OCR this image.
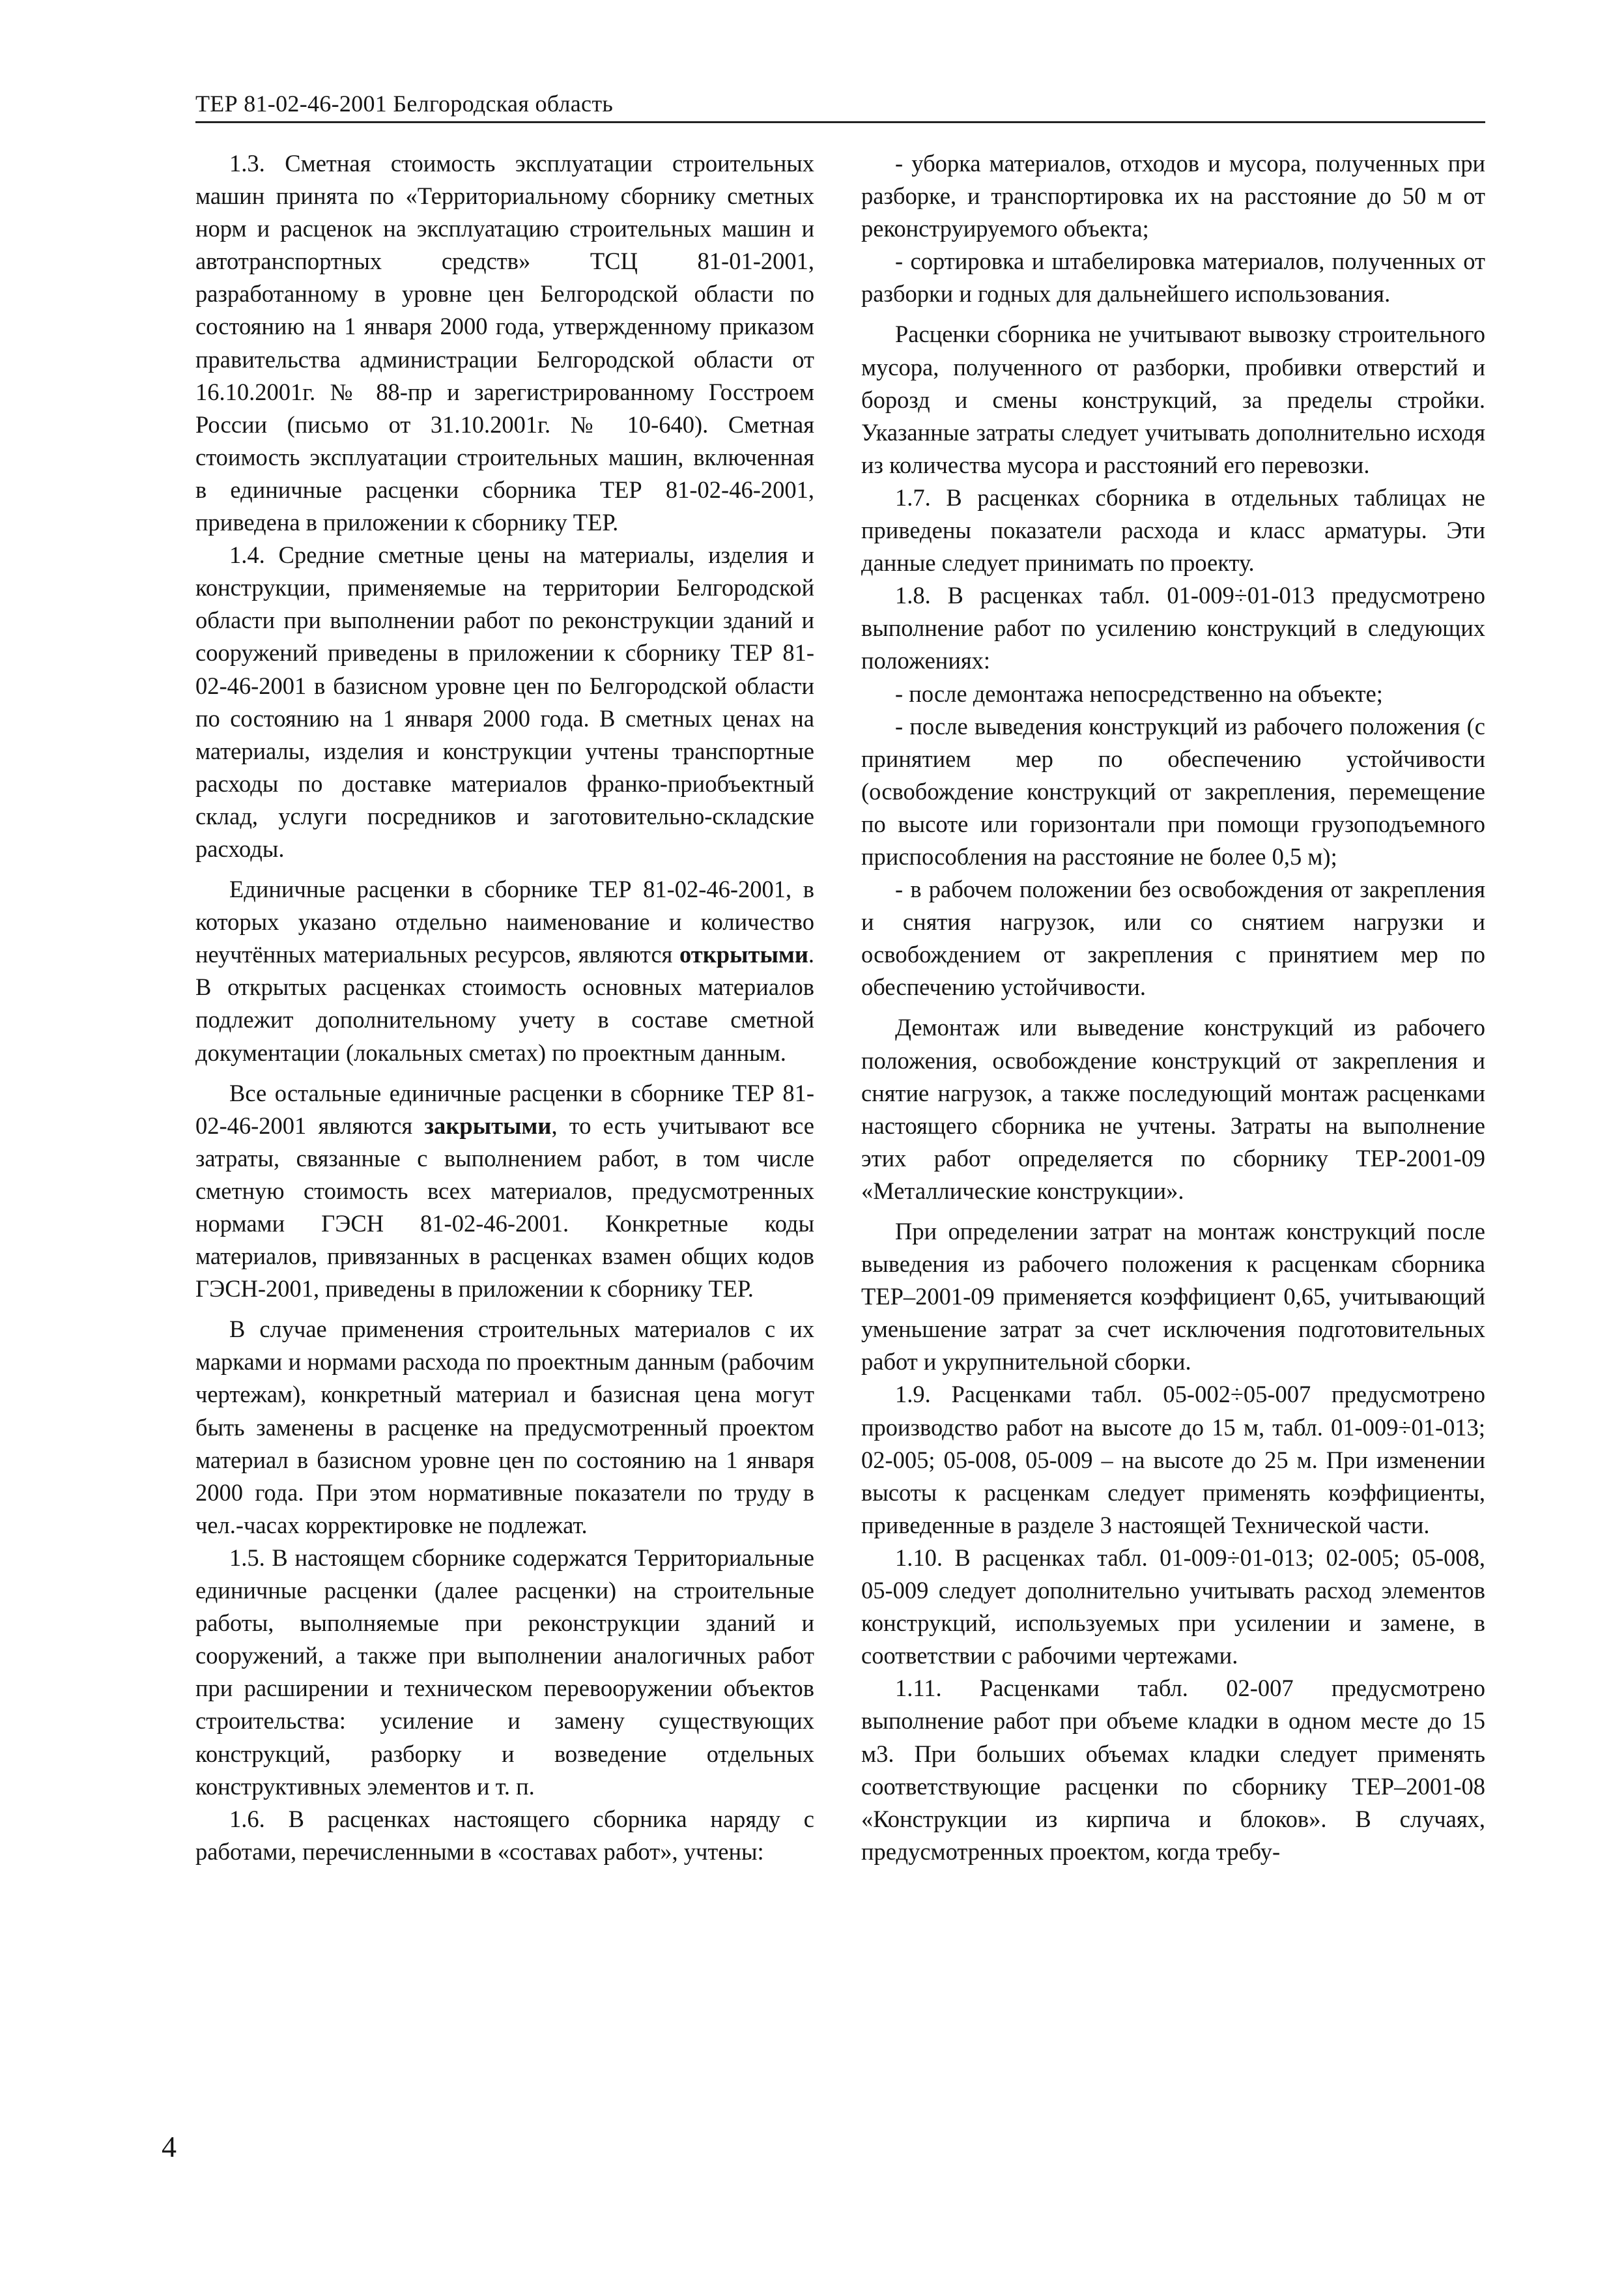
ТЕР 81-02-46-2001 Белгородская область

1.3. Сметная стоимость эксплуатации строительных машин принята по «Территориальному сборнику сметных норм и расценок на эксплуатацию строительных машин и автотранспортных средств» ТСЦ 81-01-2001, разработанному в уровне цен Белгородской области по состоянию на 1 января 2000 года, утвержденному приказом правительства администрации Белгородской области от 16.10.2001г. № 88-пр и зарегистрированному Госстроем России (письмо от 31.10.2001г. № 10-640). Сметная стоимость эксплуатации строительных машин, включенная в единичные расценки сборника ТЕР 81-02-46-2001, приведена в приложении к сборнику ТЕР.

1.4. Средние сметные цены на материалы, изделия и конструкции, применяемые на территории Белгородской области при выполнении работ по реконструкции зданий и сооружений приведены в приложении к сборнику ТЕР 81-02-46-2001 в базисном уровне цен по Белгородской области по состоянию на 1 января 2000 года. В сметных ценах на материалы, изделия и конструкции учтены транспортные расходы по доставке материалов франко-приобъектный склад, услуги посредников и заготовительно-складские расходы.

Единичные расценки в сборнике ТЕР 81-02-46-2001, в которых указано отдельно наименование и количество неучтённых материальных ресурсов, являются открытыми. В открытых расценках стоимость основных материалов подлежит дополнительному учету в составе сметной документации (локальных сметах) по проектным данным.

Все остальные единичные расценки в сборнике ТЕР 81-02-46-2001 являются закрытыми, то есть учитывают все затраты, связанные с выполнением работ, в том числе сметную стоимость всех материалов, предусмотренных нормами ГЭСН 81-02-46-2001. Конкретные коды материалов, привязанных в расценках взамен общих кодов ГЭСН-2001, приведены в приложении к сборнику ТЕР.

В случае применения строительных материалов с их марками и нормами расхода по проектным данным (рабочим чертежам), конкретный материал и базисная цена могут быть заменены в расценке на предусмотренный проектом материал в базисном уровне цен по состоянию на 1 января 2000 года. При этом нормативные показатели по труду в чел.-часах корректировке не подлежат.

1.5. В настоящем сборнике содержатся Территориальные единичные расценки (далее расценки) на строительные работы, выполняемые при реконструкции зданий и сооружений, а также при выполнении аналогичных работ при расширении и техническом перевооружении объектов строительства: усиление и замену существующих конструкций, разборку и возведение отдельных конструктивных элементов и т. п.

1.6. В расценках настоящего сборника наряду с работами, перечисленными в «составах работ», учтены:

- уборка материалов, отходов и мусора, полученных при разборке, и транспортировка их на расстояние до 50 м от реконструируемого объекта;

- сортировка и штабелировка материалов, полученных от разборки и годных для дальнейшего использования.

Расценки сборника не учитывают вывозку строительного мусора, полученного от разборки, пробивки отверстий и борозд и смены конструкций, за пределы стройки. Указанные затраты следует учитывать дополнительно исходя из количества мусора и расстояний его перевозки.

1.7. В расценках сборника в отдельных таблицах не приведены показатели расхода и класс арматуры. Эти данные следует принимать по проекту.

1.8. В расценках табл. 01-009÷01-013 предусмотрено выполнение работ по усилению конструкций в следующих положениях:

- после демонтажа непосредственно на объекте;

- после выведения конструкций из рабочего положения (с принятием мер по обеспечению устойчивости (освобождение конструкций от закрепления, перемещение по высоте или горизонтали при помощи грузоподъемного приспособления на расстояние не более 0,5 м);

- в рабочем положении без освобождения от закрепления и снятия нагрузок, или со снятием нагрузки и освобождением от закрепления с принятием мер по обеспечению устойчивости.

Демонтаж или выведение конструкций из рабочего положения, освобождение конструкций от закрепления и снятие нагрузок, а также последующий монтаж расценками настоящего сборника не учтены. Затраты на выполнение этих работ определяется по сборнику ТЕР-2001-09 «Металлические конструкции».

При определении затрат на монтаж конструкций после выведения из рабочего положения к расценкам сборника ТЕР–2001-09 применяется коэффициент 0,65, учитывающий уменьшение затрат за счет исключения подготовительных работ и укрупнительной сборки.

1.9. Расценками табл. 05-002÷05-007 предусмотрено производство работ на высоте до 15 м, табл. 01-009÷01-013; 02-005; 05-008, 05-009 – на высоте до 25 м. При изменении высоты к расценкам следует применять коэффициенты, приведенные в разделе 3 настоящей Технической части.

1.10. В расценках табл. 01-009÷01-013; 02-005; 05-008, 05-009 следует дополнительно учитывать расход элементов конструкций, используемых при усилении и замене, в соответствии с рабочими чертежами.

1.11. Расценками табл. 02-007 предусмотрено выполнение работ при объеме кладки в одном месте до 15 м3. При больших объемах кладки следует применять соответствующие расценки по сборнику ТЕР–2001-08 «Конструкции из кирпича и блоков». В случаях, предусмотренных проектом, когда требу-

4
